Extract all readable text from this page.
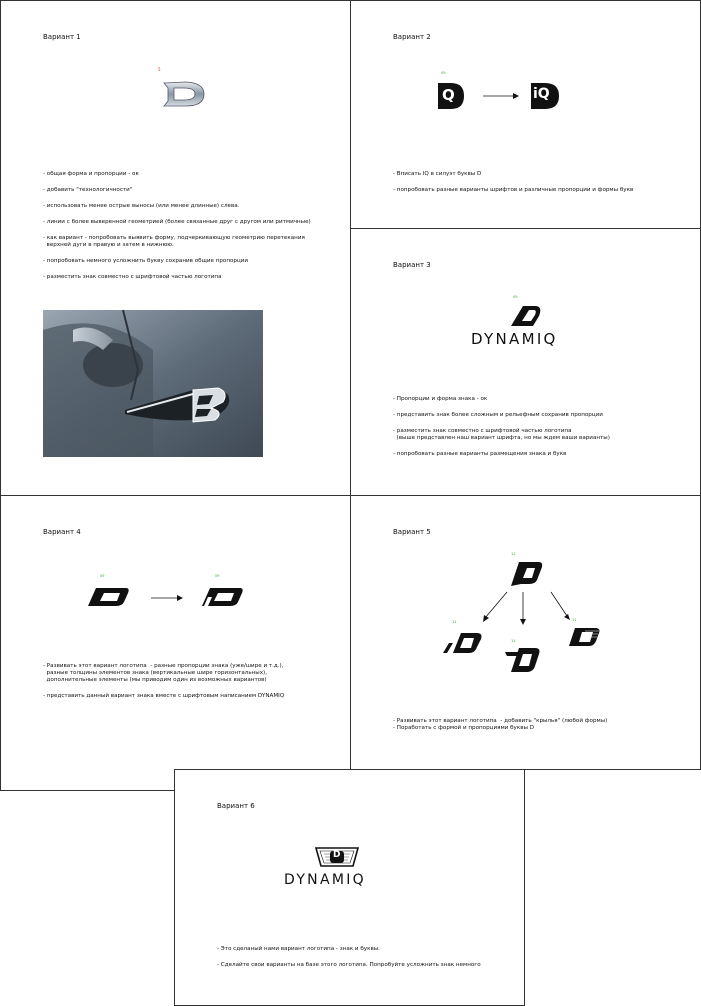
Вариант 1
5
- общая форма и пропорции - ок
- добавить "технологичности"
- использовать менее острые выносы (или менее длинные) слева.
- линии с более выверенной геометрией (более связанные друг с другом или ритмичные)
- как вариант - попробовать выявить форму, подчеркивающую геометрию перетекания
верхней дуги в правую и затем в нижнюю.
- попробовать немного усложнить букву сохранив общие пропорции
- разместить знак совместно с шрифтовой частью логотипа
Вариант 2
09
Q	iQ
- Вписать IQ в силуэт буквы D
- попробовать разные варианты шрифтов и различные пропорции и формы букв
Вариант 3
09
DYNAMIQ
- Пропорции и форма знака - ок
- представить знак более сложным и рельефным сохранив пропорции
- разместить знак совместно с шрифтовой частью логотипа
(выше представлен наш вариант шрифта, но мы ждем ваши варианты)
- попробовать разные варианты размещения знака и букв
Вариант 4
09	09
- Развивать этот вариант логотипа  - разные пропорции знака (уже/шире и т.д.),
разные толщины элементов знака (вертикальные шире горизонтальных),
дополнительные элементы (мы приводим один из возможных вариантов)
- представить данный вариант знака вместе с шрифтовым написанием DYNAMIQ
Вариант 5
11
11
11
11
- Развивать этот вариант логотипа  - добавить "крылья" (любой формы)
- Поработать с формой и пропорциями буквы D
Вариант 6
D
DYNAMIQ
- Это сделаный нами вариант логотипа - знак и буквы.
- Сделайте свои варианты на базе этого логотипа. Попробуйте усложнить знак немного
